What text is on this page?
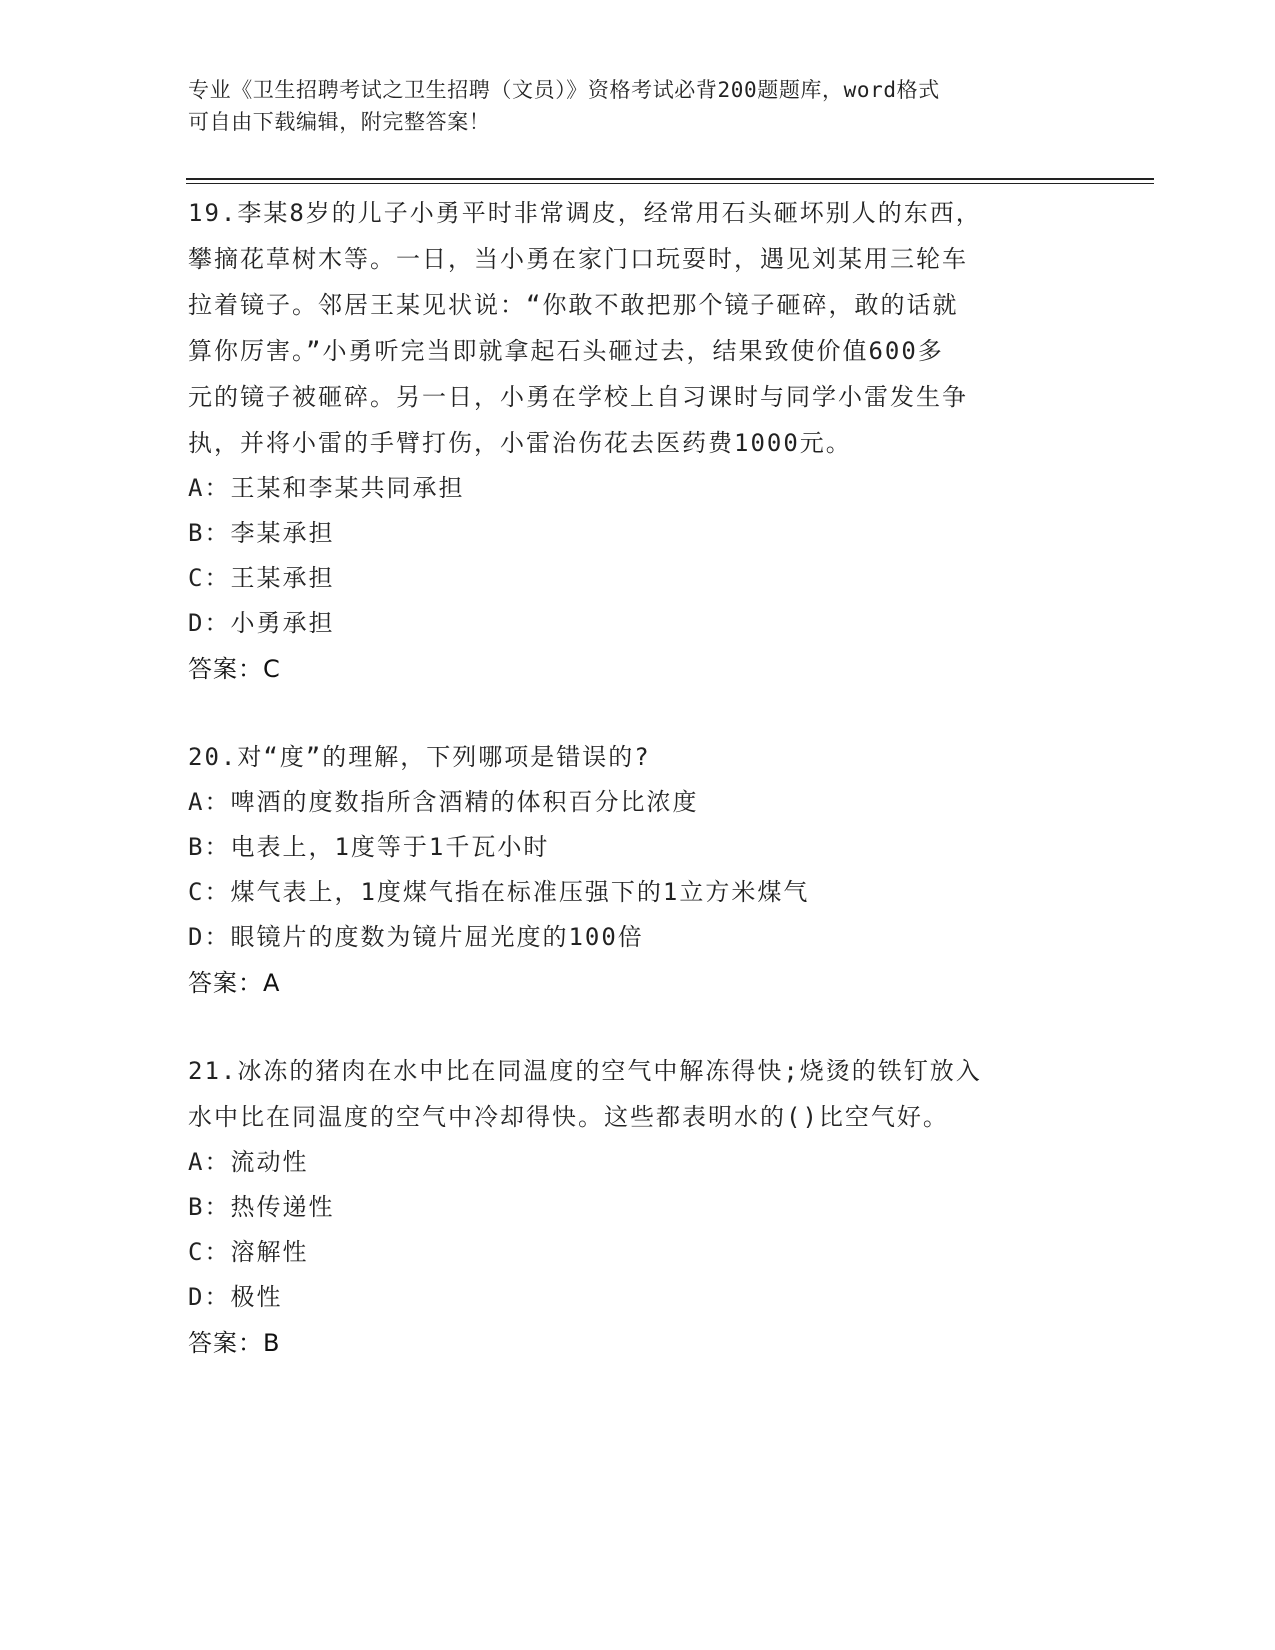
专业《卫生招聘考试之卫生招聘（文员）》资格考试必背200题题库，word格式
可自由下载编辑，附完整答案！
19.李某8岁的儿子小勇平时非常调皮，经常用石头砸坏别人的东西，
攀摘花草树木等。一日，当小勇在家门口玩耍时，遇见刘某用三轮车
拉着镜子。邻居王某见状说：“你敢不敢把那个镜子砸碎，敢的话就
算你厉害。”小勇听完当即就拿起石头砸过去，结果致使价值600多
元的镜子被砸碎。另一日，小勇在学校上自习课时与同学小雷发生争
执，并将小雷的手臂打伤，小雷治伤花去医药费1000元。
A：王某和李某共同承担
B：李某承担
C：王某承担
D：小勇承担
答案：C
20.对“度”的理解，下列哪项是错误的?
A：啤酒的度数指所含酒精的体积百分比浓度
B：电表上，1度等于1千瓦小时
C：煤气表上，1度煤气指在标准压强下的1立方米煤气
D：眼镜片的度数为镜片屈光度的100倍
答案：A
21.冰冻的猪肉在水中比在同温度的空气中解冻得快;烧烫的铁钉放入
水中比在同温度的空气中冷却得快。这些都表明水的()比空气好。
A：流动性
B：热传递性
C：溶解性
D：极性
答案：B
